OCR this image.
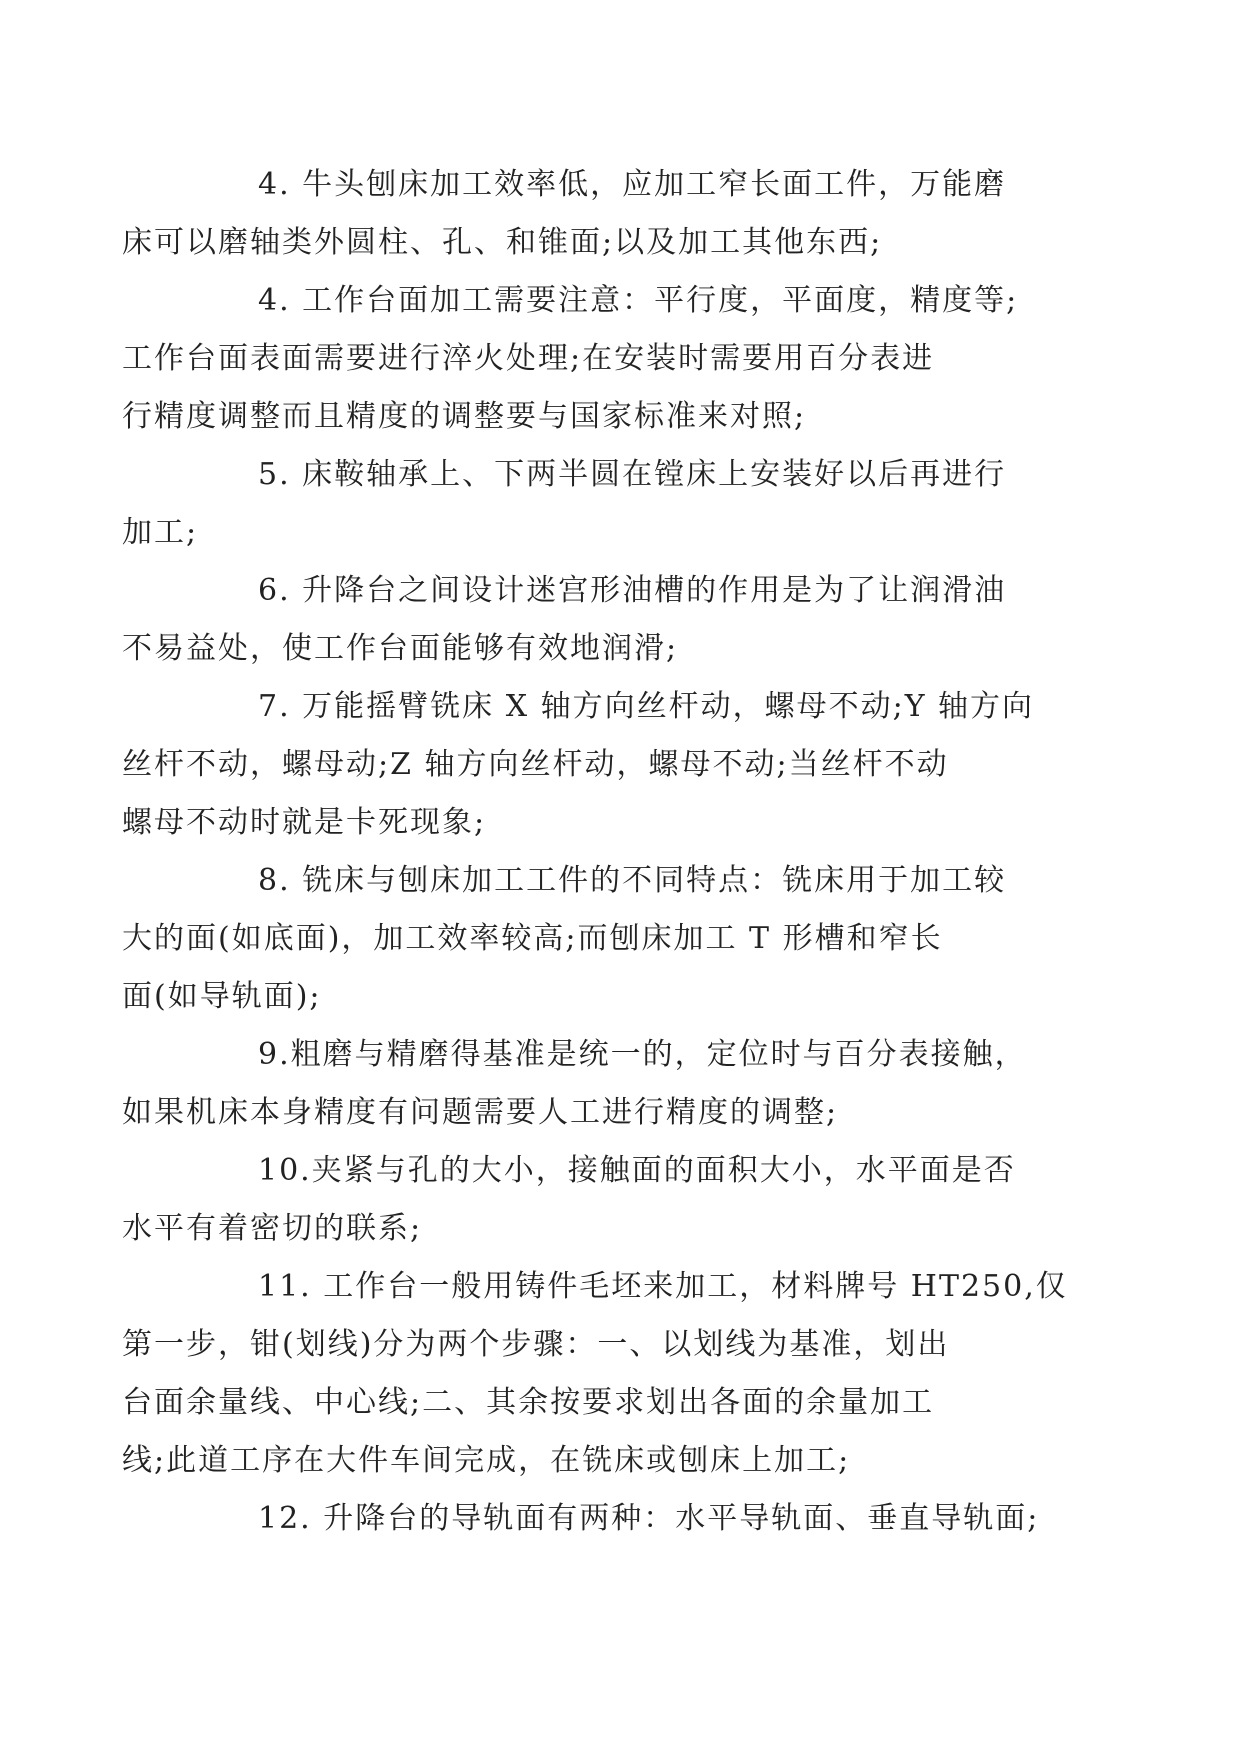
4. 牛头刨床加工效率低，应加工窄长面工件，万能磨
床可以磨轴类外圆柱、孔、和锥面;以及加工其他东西;

4. 工作台面加工需要注意：平行度，平面度，精度等;
工作台面表面需要进行淬火处理;在安装时需要用百分表进
行精度调整而且精度的调整要与国家标准来对照;

5. 床鞍轴承上、下两半圆在镗床上安装好以后再进行
加工;

6. 升降台之间设计迷宫形油槽的作用是为了让润滑油
不易益处，使工作台面能够有效地润滑;

7. 万能摇臂铣床 X 轴方向丝杆动，螺母不动;Y 轴方向
丝杆不动，螺母动;Z 轴方向丝杆动，螺母不动;当丝杆不动
螺母不动时就是卡死现象;

8. 铣床与刨床加工工件的不同特点：铣床用于加工较
大的面(如底面)，加工效率较高;而刨床加工 T 形槽和窄长
面(如导轨面);

9.粗磨与精磨得基准是统一的，定位时与百分表接触，
如果机床本身精度有问题需要人工进行精度的调整;

10.夹紧与孔的大小，接触面的面积大小，水平面是否
水平有着密切的联系;

11. 工作台一般用铸件毛坯来加工，材料牌号 HT250,仅
第一步，钳(划线)分为两个步骤：一、以划线为基准，划出
台面余量线、中心线;二、其余按要求划出各面的余量加工
线;此道工序在大件车间完成，在铣床或刨床上加工;

12. 升降台的导轨面有两种：水平导轨面、垂直导轨面;
